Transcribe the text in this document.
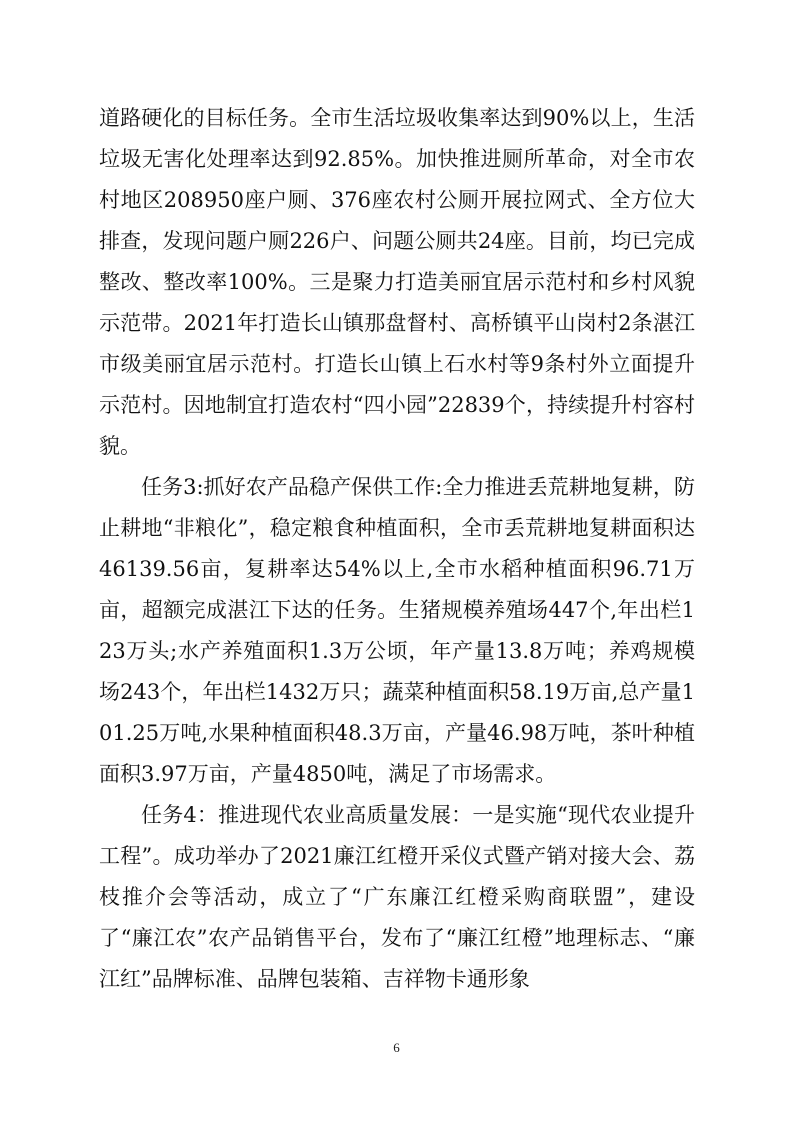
道路硬化的目标任务。全市生活垃圾收集率达到90%以上，生活垃圾无害化处理率达到92.85%。加快推进厕所革命，对全市农村地区208950座户厕、376座农村公厕开展拉网式、全方位大排查，发现问题户厕226户、问题公厕共24座。目前，均已完成整改、整改率100%。三是聚力打造美丽宜居示范村和乡村风貌示范带。2021年打造长山镇那盘督村、高桥镇平山岗村2条湛江市级美丽宜居示范村。打造长山镇上石水村等9条村外立面提升示范村。因地制宜打造农村“四小园”22839个，持续提升村容村貌。

任务3:抓好农产品稳产保供工作:全力推进丢荒耕地复耕，防止耕地“非粮化”，稳定粮食种植面积，全市丢荒耕地复耕面积达46139.56亩，复耕率达54%以上,全市水稻种植面积96.71万亩，超额完成湛江下达的任务。生猪规模养殖场447个,年出栏123万头;水产养殖面积1.3万公顷，年产量13.8万吨；养鸡规模场243个，年出栏1432万只；蔬菜种植面积58.19万亩,总产量101.25万吨,水果种植面积48.3万亩，产量46.98万吨，茶叶种植面积3.97万亩，产量4850吨，满足了市场需求。

任务4：推进现代农业高质量发展：一是实施“现代农业提升工程”。成功举办了2021廉江红橙开采仪式暨产销对接大会、荔枝推介会等活动，成立了“广东廉江红橙采购商联盟”，建设了“廉江农”农产品销售平台，发布了“廉江红橙”地理标志、“廉江红”品牌标准、品牌包装箱、吉祥物卡通形象

6
